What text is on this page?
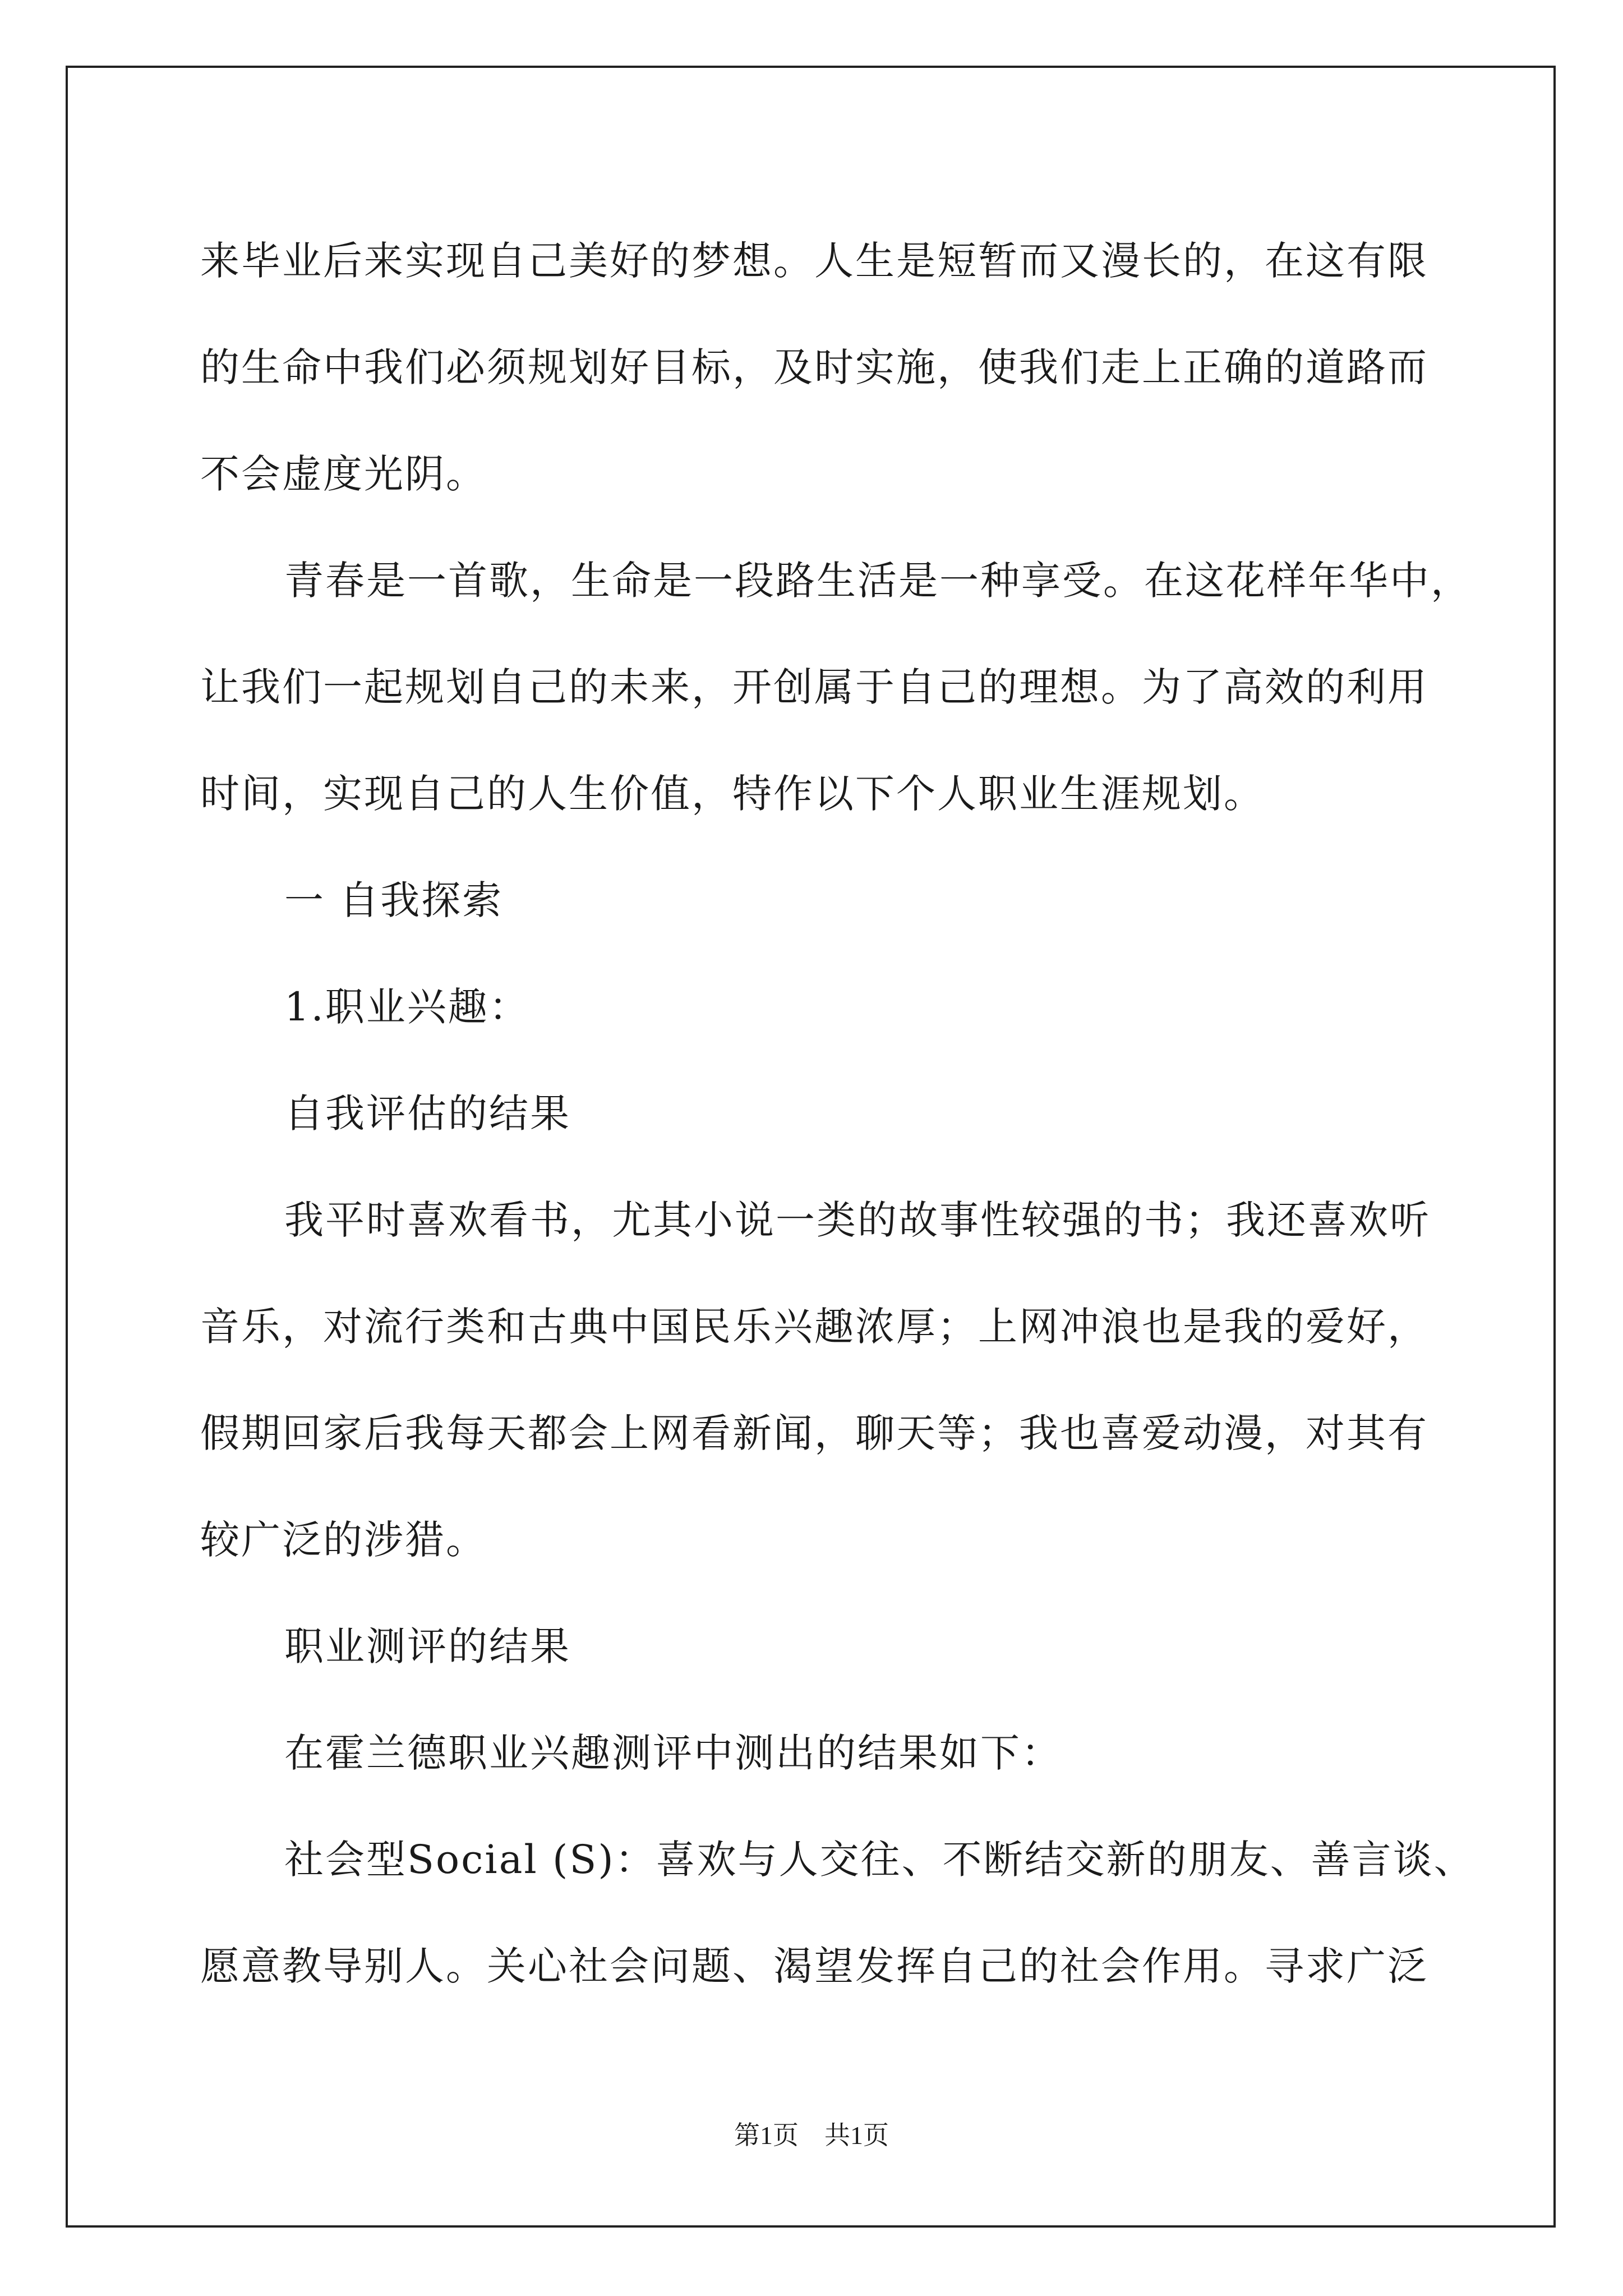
来毕业后来实现自己美好的梦想。人生是短暂而又漫长的，在这有限
的生命中我们必须规划好目标，及时实施，使我们走上正确的道路而
不会虚度光阴。

青春是一首歌，生命是一段路生活是一种享受。在这花样年华中，
让我们一起规划自己的未来，开创属于自己的理想。为了高效的利用
时间，实现自己的人生价值，特作以下个人职业生涯规划。

一 自我探索

1.职业兴趣：

自我评估的结果

我平时喜欢看书，尤其小说一类的故事性较强的书；我还喜欢听
音乐，对流行类和古典中国民乐兴趣浓厚；上网冲浪也是我的爱好，
假期回家后我每天都会上网看新闻，聊天等；我也喜爱动漫，对其有
较广泛的涉猎。

职业测评的结果

在霍兰德职业兴趣测评中测出的结果如下：

社会型Social (S)：喜欢与人交往、不断结交新的朋友、善言谈、
愿意教导别人。关心社会问题、渴望发挥自己的社会作用。寻求广泛

第1页　共1页
